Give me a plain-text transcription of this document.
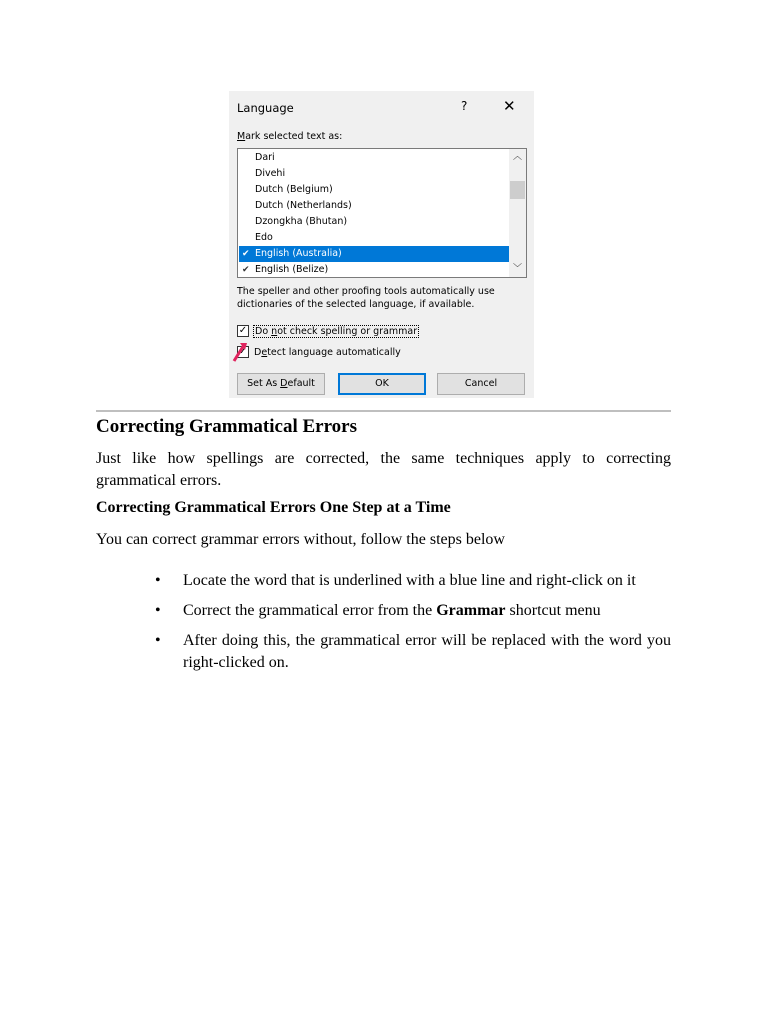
Language	? ✕
Mark selected text as:
Dari
Divehi
Dutch (Belgium)
Dutch (Netherlands)
Dzongkha (Bhutan)
Edo
✔ English (Australia)
✔ English (Belize)
︿
﹀
The speller and other proofing tools automatically use dictionaries of the selected language, if available.
✓ Do not check spelling or grammar
✓ Detect language automatically
Set As Default	OK	Cancel
Correcting Grammatical Errors
Just like how spellings are corrected, the same techniques apply to correcting grammatical errors.
Correcting Grammatical Errors One Step at a Time
You can correct grammar errors without, follow the steps below
• Locate the word that is underlined with a blue line and right-click on it
• Correct the grammatical error from the Grammar shortcut menu
• After doing this, the grammatical error will be replaced with the word you right-clicked on.
